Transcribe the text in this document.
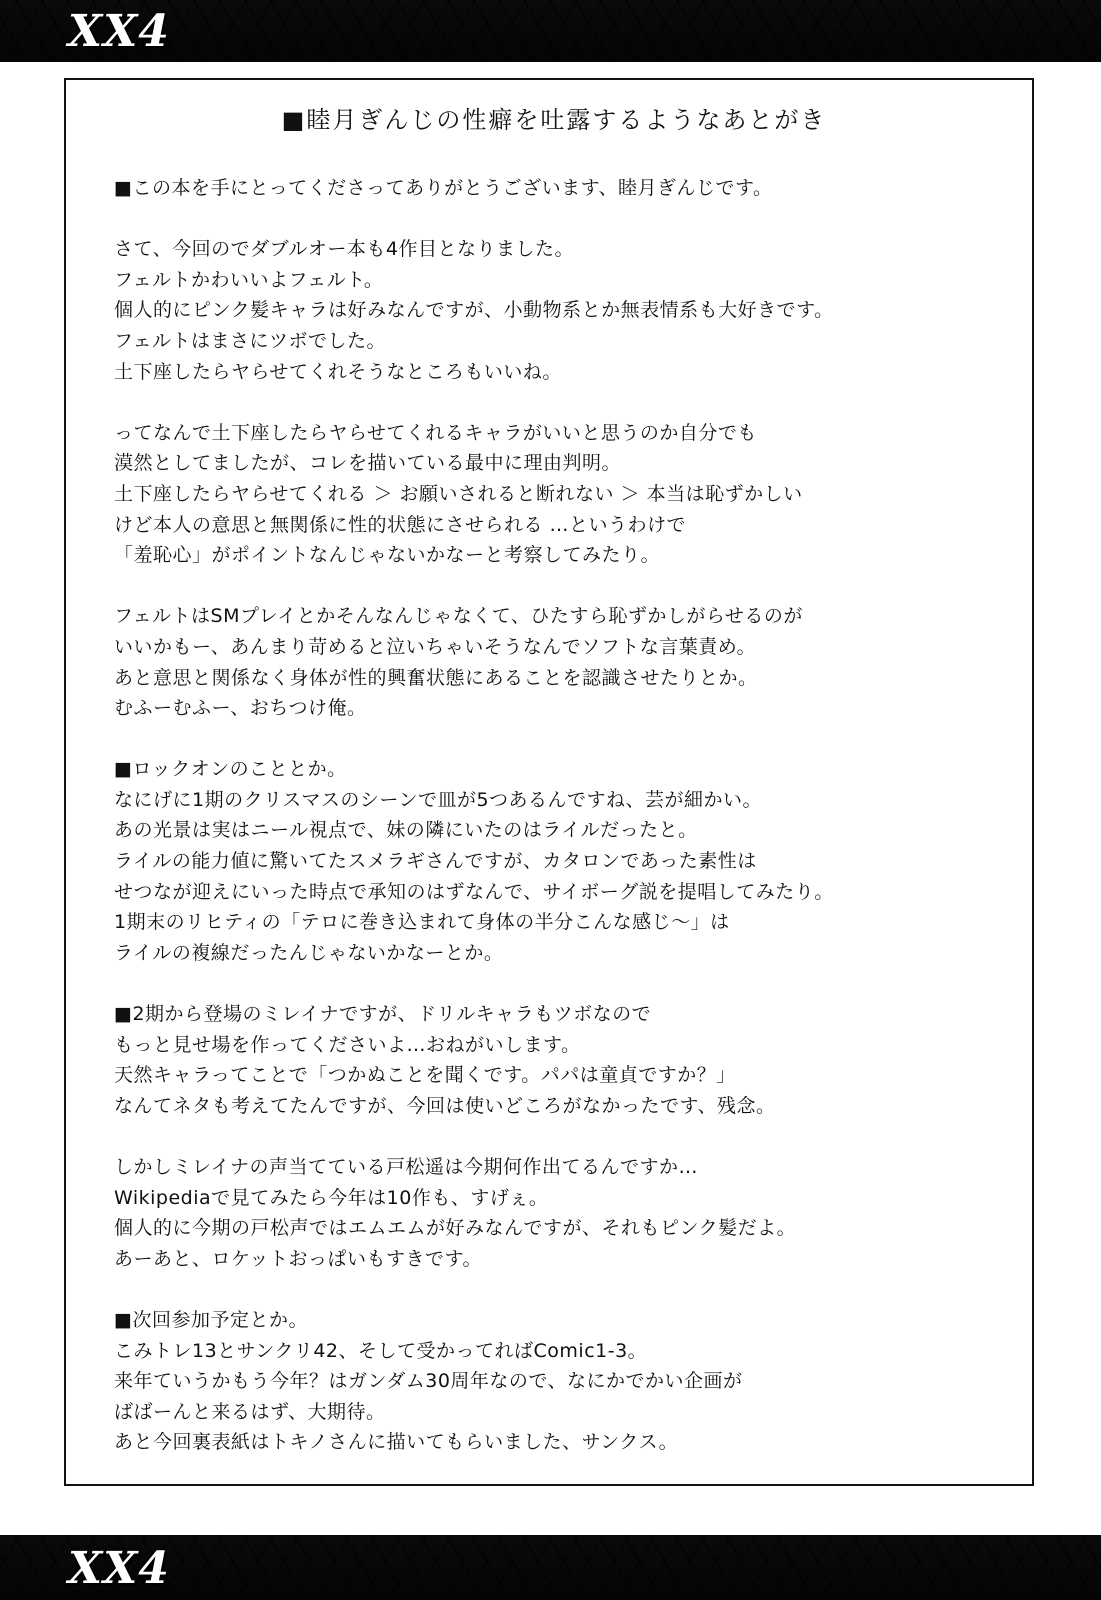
XX4
■睦月ぎんじの性癖を吐露するようなあとがき
■この本を手にとってくださってありがとうございます、睦月ぎんじです。
さて、今回のでダブルオー本も4作目となりました。
フェルトかわいいよフェルト。
個人的にピンク髪キャラは好みなんですが、小動物系とか無表情系も大好きです。
フェルトはまさにツボでした。
土下座したらヤらせてくれそうなところもいいね。
ってなんで土下座したらヤらせてくれるキャラがいいと思うのか自分でも
漠然としてましたが、コレを描いている最中に理由判明。
土下座したらヤらせてくれる ＞ お願いされると断れない ＞ 本当は恥ずかしい
けど本人の意思と無関係に性的状態にさせられる …というわけで
「羞恥心」がポイントなんじゃないかなーと考察してみたり。
フェルトはSMプレイとかそんなんじゃなくて、ひたすら恥ずかしがらせるのが
いいかもー、あんまり苛めると泣いちゃいそうなんでソフトな言葉責め。
あと意思と関係なく身体が性的興奮状態にあることを認識させたりとか。
むふーむふー、おちつけ俺。
■ロックオンのこととか。
なにげに1期のクリスマスのシーンで皿が5つあるんですね、芸が細かい。
あの光景は実はニール視点で、妹の隣にいたのはライルだったと。
ライルの能力値に驚いてたスメラギさんですが、カタロンであった素性は
せつなが迎えにいった時点で承知のはずなんで、サイボーグ説を提唱してみたり。
1期末のリヒティの「テロに巻き込まれて身体の半分こんな感じ～」は
ライルの複線だったんじゃないかなーとか。
■2期から登場のミレイナですが、ドリルキャラもツボなので
もっと見せ場を作ってくださいよ…おねがいします。
天然キャラってことで「つかぬことを聞くです。パパは童貞ですか？」
なんてネタも考えてたんですが、今回は使いどころがなかったです、残念。
しかしミレイナの声当てている戸松遥は今期何作出てるんですか…
Wikipediaで見てみたら今年は10作も、すげぇ。
個人的に今期の戸松声ではエムエムが好みなんですが、それもピンク髪だよ。
あーあと、ロケットおっぱいもすきです。
■次回参加予定とか。
こみトレ13とサンクリ42、そして受かってればComic1-3。
来年ていうかもう今年？はガンダム30周年なので、なにかでかい企画が
ばばーんと来るはず、大期待。
あと今回裏表紙はトキノさんに描いてもらいました、サンクス。
XX4
